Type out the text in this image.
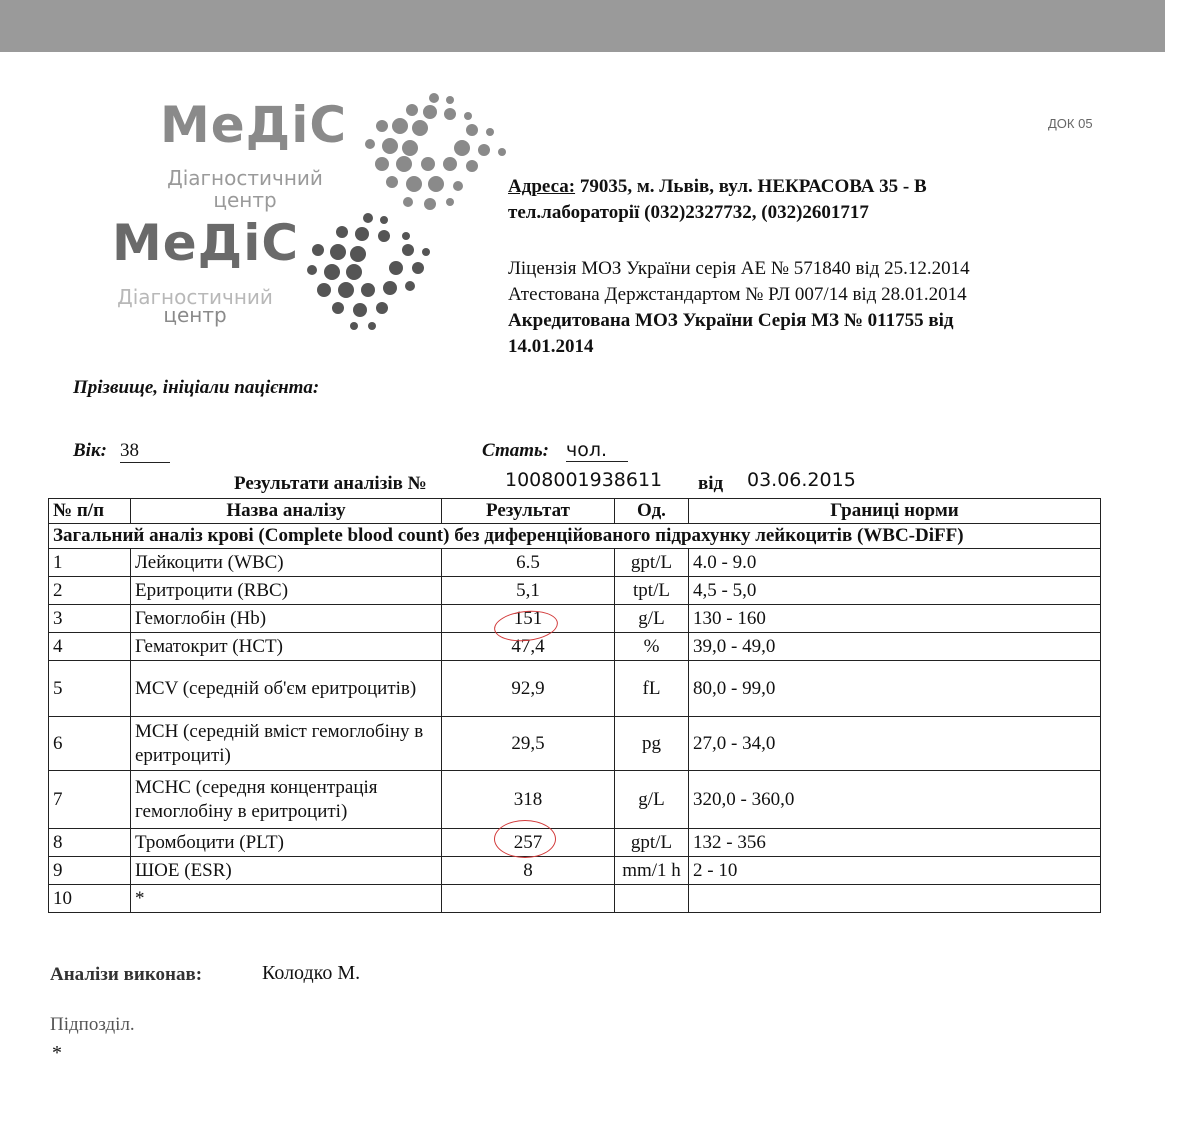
ДОК 05
МеДіС
Діагностичний
центр
МеДіС
Діагностичний
центр
Адреса: 79035, м. Львів, вул. НЕКРАСОВА 35 - В
тел.лабораторії (032)2327732, (032)2601717
Ліцензія МОЗ України серія АЕ № 571840 від 25.12.2014
Атестована Держстандартом № РЛ 007/14 від 28.01.2014
Акредитована МОЗ України Серія МЗ № 011755 від
14.01.2014
Прізвище, ініціали пацієнта:
Вік: 38	Стать: чол.
Результати аналізів №	1008001938611 від 03.06.2015
№ п/п	Назва аналізу	Результат	Од.	Границі норми
Загальний аналіз крові (Complete blood count) без диференційованого підрахунку лейкоцитів (WBC-DiFF)				
1	Лейкоцити (WBC)	6.5	gpt/L	4.0 - 9.0
2	Еритроцити (RBC)	5,1	tpt/L	4,5 - 5,0
3	Гемоглобін (Hb)	151	g/L	130 - 160
4	Гематокрит (HCT)	47,4	%	39,0 - 49,0
5	MCV (середній об'єм еритроцитів)	92,9	fL	80,0 - 99,0
6	MCH (середній вміст гемоглобіну в еритроциті)	29,5	pg	27,0 - 34,0
7	MCHC (середня концентрація гемоглобіну в еритроциті)	318	g/L	320,0 - 360,0
8	Тромбоцити (PLT)	257	gpt/L	132 - 356
9	ШОЕ (ESR)	8	mm/1 h	2 - 10
10	*			
Аналізи виконав:	Колодко М.
Підпозділ.
*
